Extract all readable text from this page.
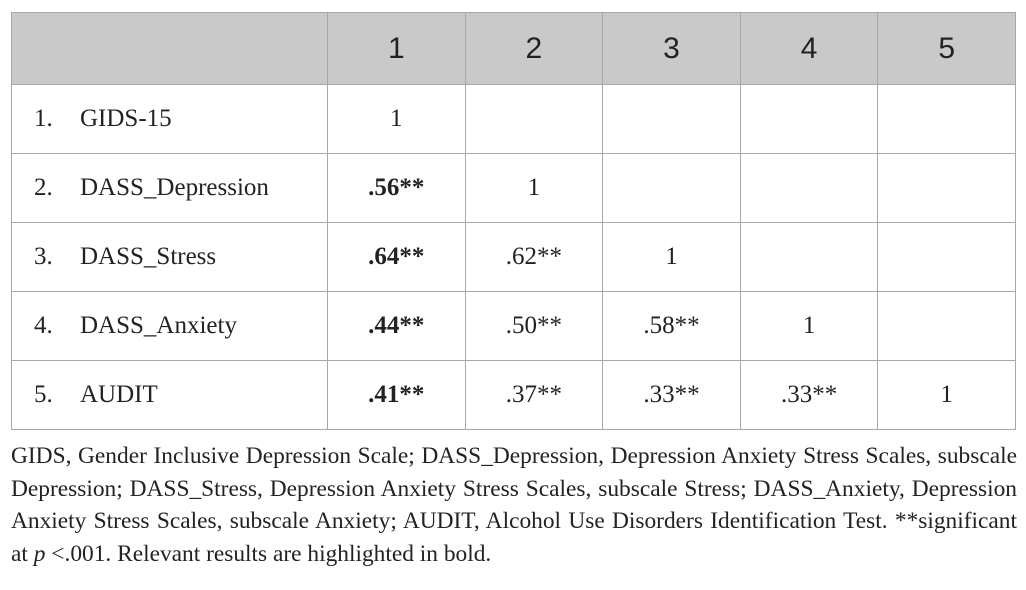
	1	2	3	4	5
1. GIDS-15	1				
2. DASS_Depression	.56**	1			
3. DASS_Stress	.64**	.62**	1		
4. DASS_Anxiety	.44**	.50**	.58**	1	
5. AUDIT	.41**	.37**	.33**	.33**	1
GIDS, Gender Inclusive Depression Scale; DASS_Depression, Depression Anxiety Stress Scales, subscale Depression; DASS_Stress, Depression Anxiety Stress Scales, subscale Stress; DASS_Anxiety, Depression Anxiety Stress Scales, subscale Anxiety; AUDIT, Alcohol Use Disorders Identification Test. **significant at p <.001. Relevant results are highlighted in bold.
